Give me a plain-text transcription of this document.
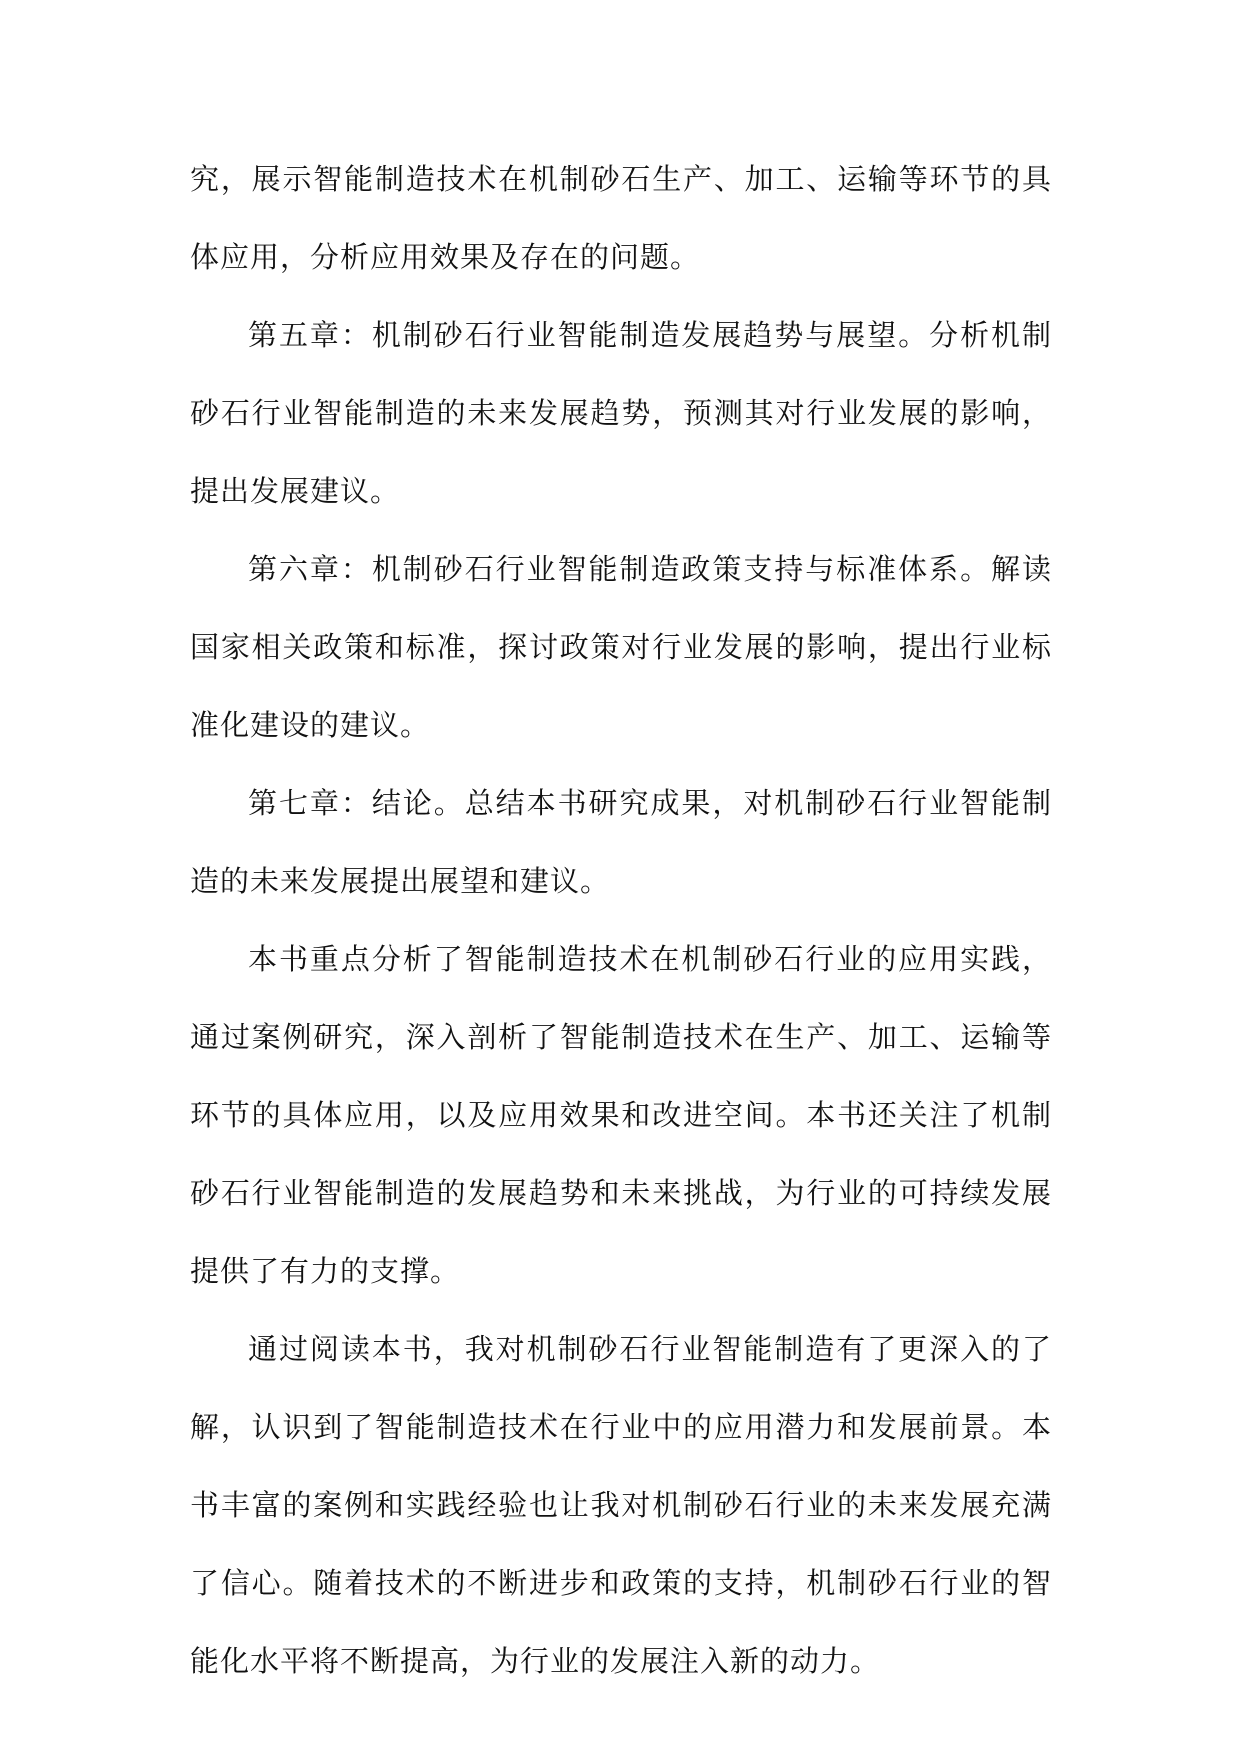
究，展示智能制造技术在机制砂石生产、加工、运输等环节的具体应用，分析应用效果及存在的问题。

第五章：机制砂石行业智能制造发展趋势与展望。分析机制砂石行业智能制造的未来发展趋势，预测其对行业发展的影响，提出发展建议。

第六章：机制砂石行业智能制造政策支持与标准体系。解读国家相关政策和标准，探讨政策对行业发展的影响，提出行业标准化建设的建议。

第七章：结论。总结本书研究成果，对机制砂石行业智能制造的未来发展提出展望和建议。

本书重点分析了智能制造技术在机制砂石行业的应用实践，通过案例研究，深入剖析了智能制造技术在生产、加工、运输等环节的具体应用，以及应用效果和改进空间。本书还关注了机制砂石行业智能制造的发展趋势和未来挑战，为行业的可持续发展提供了有力的支撑。

通过阅读本书，我对机制砂石行业智能制造有了更深入的了解，认识到了智能制造技术在行业中的应用潜力和发展前景。本书丰富的案例和实践经验也让我对机制砂石行业的未来发展充满了信心。随着技术的不断进步和政策的支持，机制砂石行业的智能化水平将不断提高，为行业的发展注入新的动力。
